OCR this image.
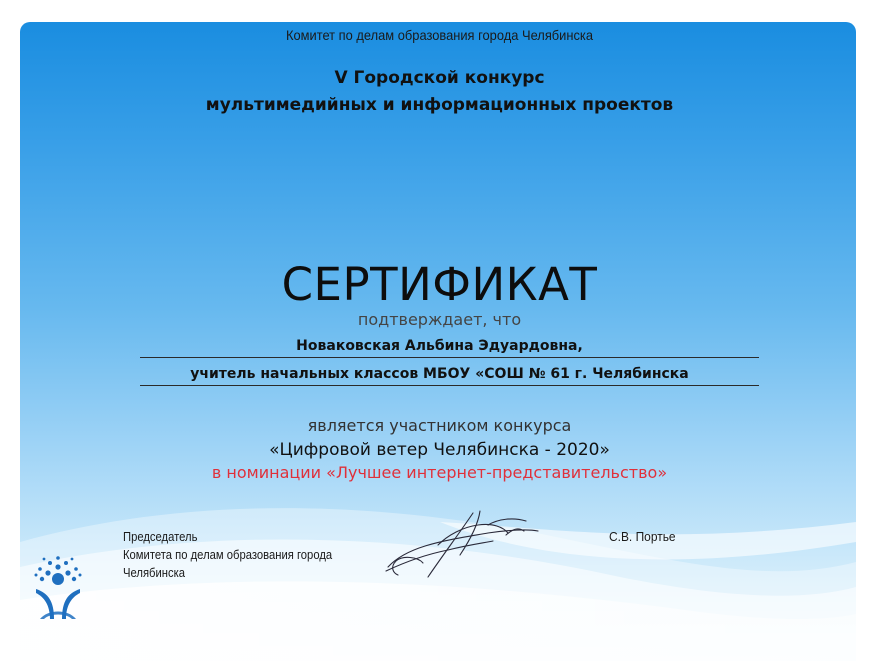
Комитет по делам образования города Челябинска
V Городской конкурс
мультимедийных и информационных проектов
СЕРТИФИКАТ
подтверждает, что
Новаковская Альбина Эдуардовна,
учитель начальных классов МБОУ «СОШ № 61 г. Челябинска
является участником конкурса
«Цифровой ветер Челябинска - 2020»
в номинации «Лучшее интернет-представительство»
Председатель
Комитета по делам образования города
Челябинска
С.В. Портье
